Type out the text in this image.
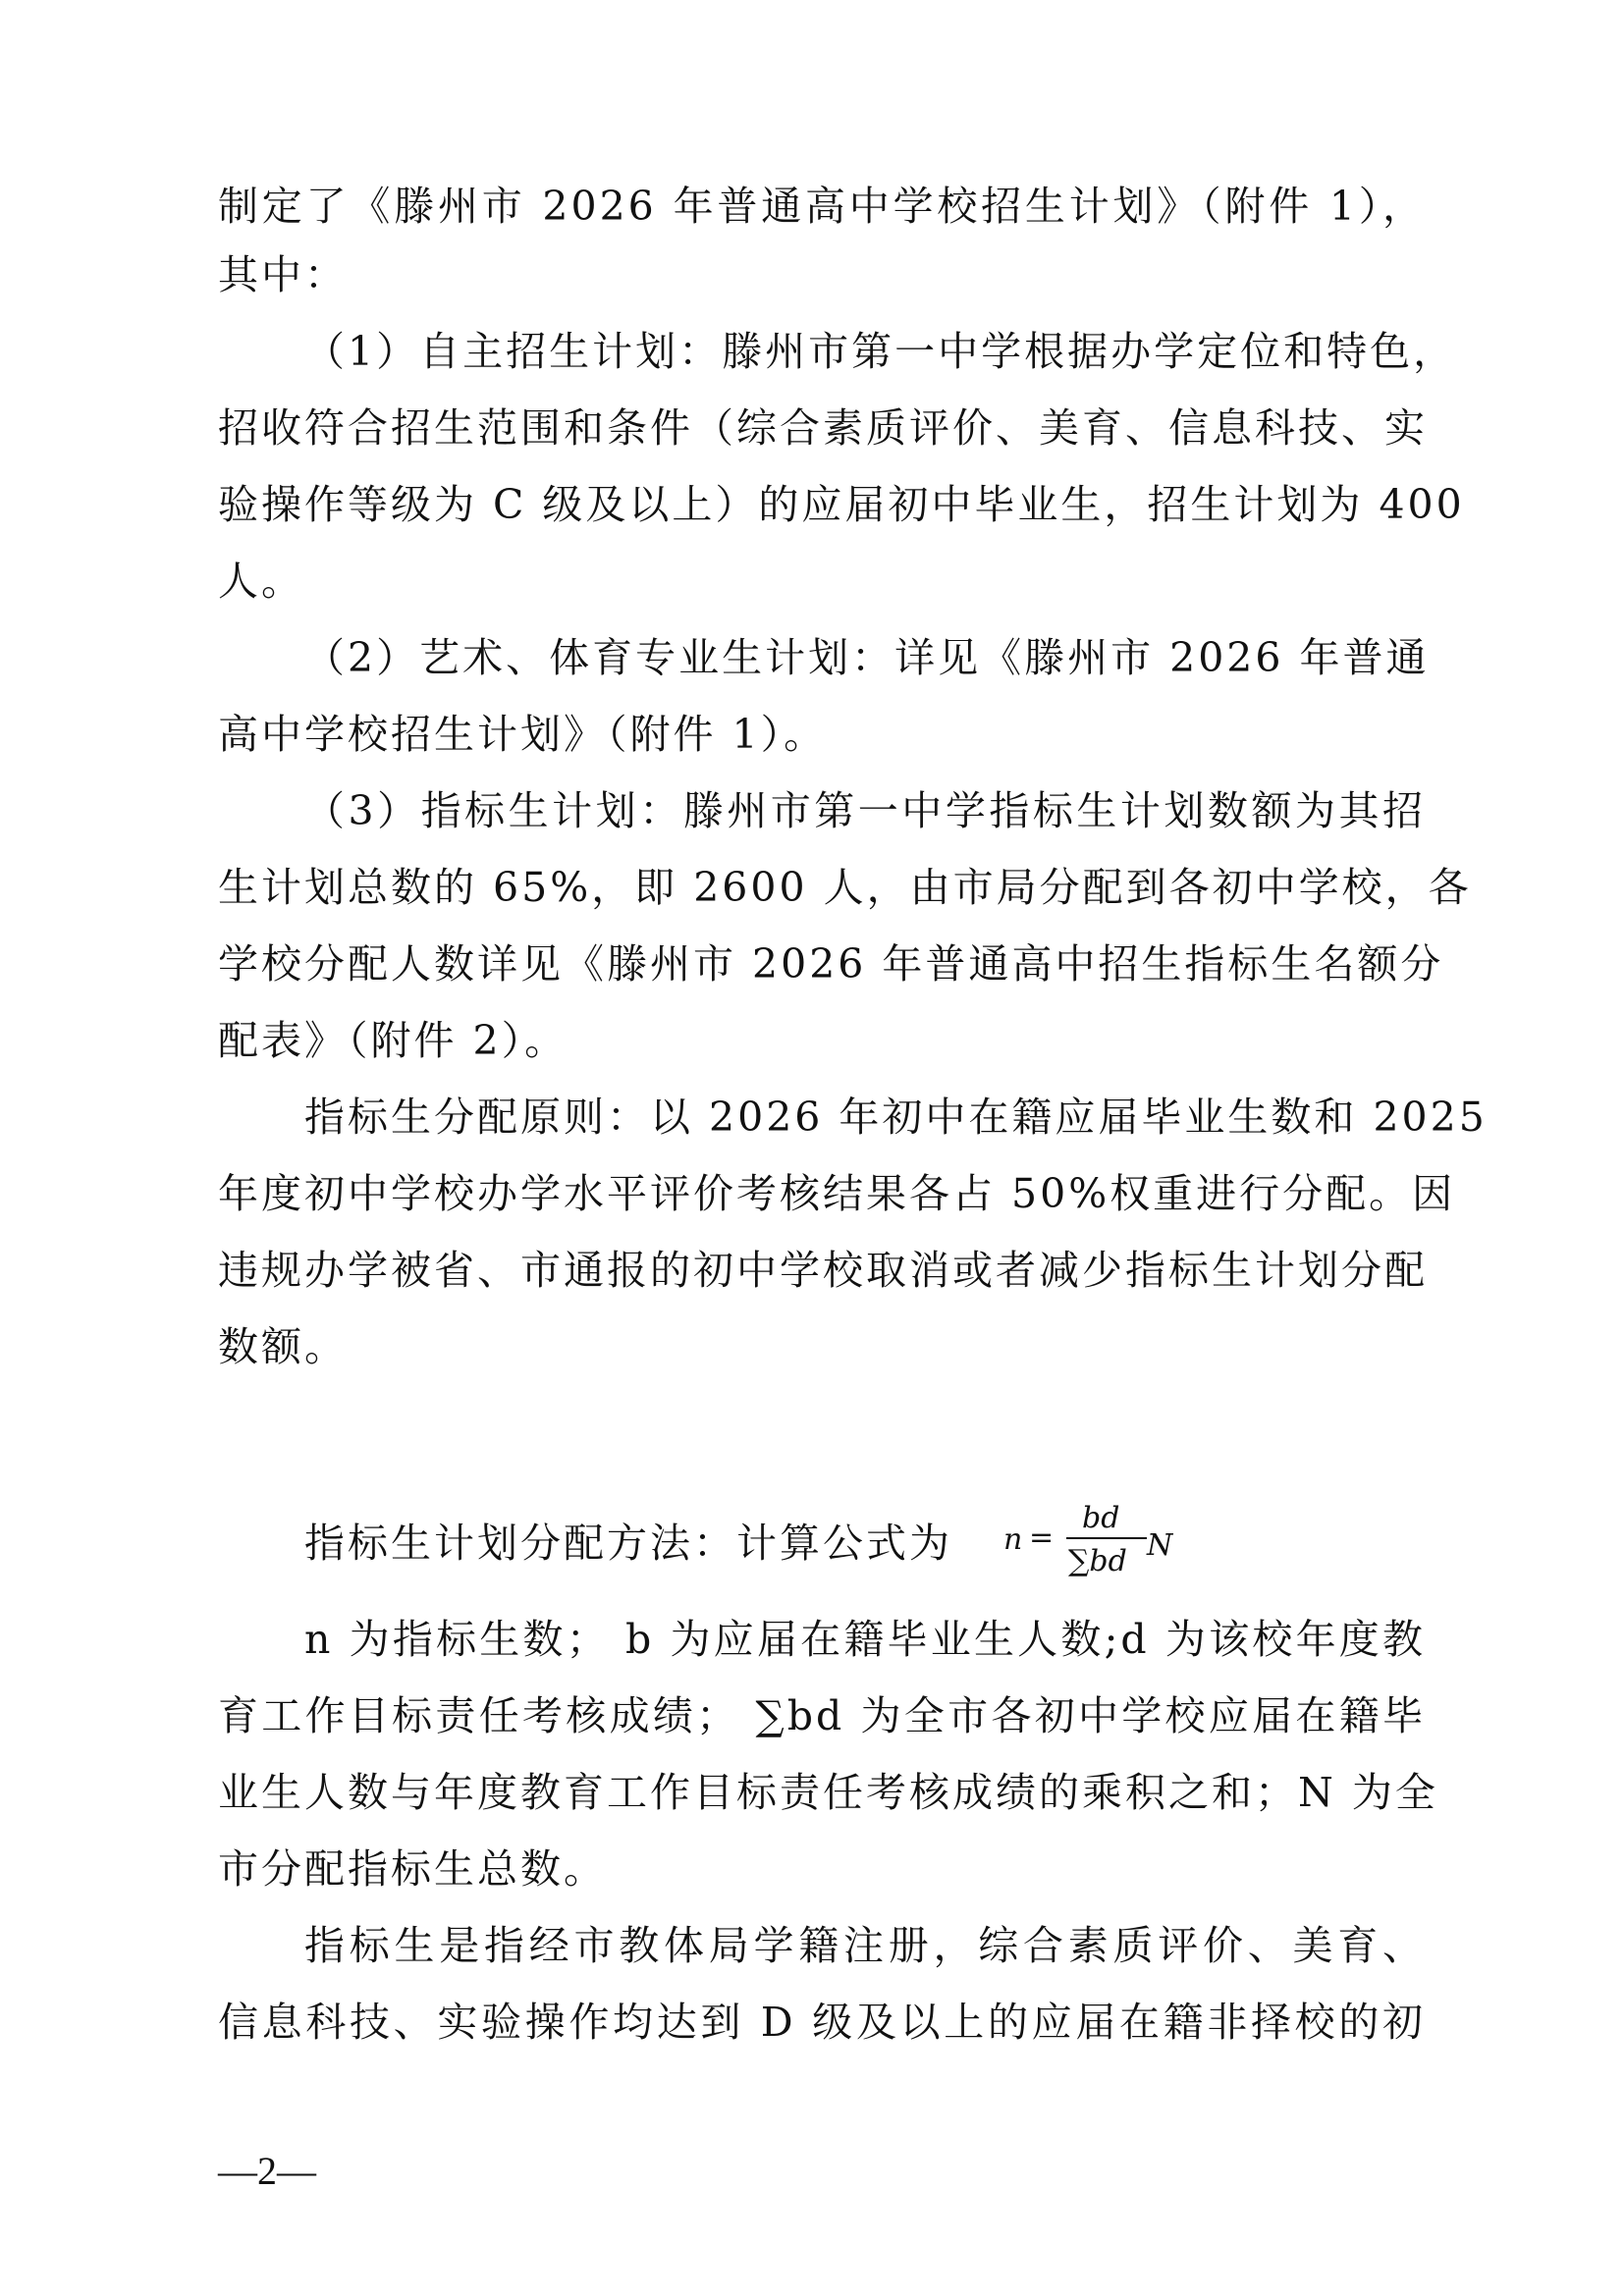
制定了《滕州市 2026 年普通高中学校招生计划》（附件 1），
其中：
（1）自主招生计划：滕州市第一中学根据办学定位和特色，
招收符合招生范围和条件（综合素质评价、美育、信息科技、实
验操作等级为 C 级及以上）的应届初中毕业生，招生计划为 400
人。
（2）艺术、体育专业生计划：详见《滕州市 2026 年普通
高中学校招生计划》（附件 1）。
（3）指标生计划：滕州市第一中学指标生计划数额为其招
生计划总数的 65%，即 2600 人，由市局分配到各初中学校，各
学校分配人数详见《滕州市 2026 年普通高中招生指标生名额分
配表》（附件 2）。
指标生分配原则：以 2026 年初中在籍应届毕业生数和 2025
年度初中学校办学水平评价考核结果各占 50%权重进行分配。因
违规办学被省、市通报的初中学校取消或者减少指标生计划分配
数额。
指标生计划分配方法：计算公式为 n =
bd
∑bd N
n 为指标生数； b 为应届在籍毕业生人数;d 为该校年度教
育工作目标责任考核成绩； ∑bd 为全市各初中学校应届在籍毕
业生人数与年度教育工作目标责任考核成绩的乘积之和；N 为全
市分配指标生总数。
指标生是指经市教体局学籍注册，综合素质评价、美育、
信息科技、实验操作均达到 D 级及以上的应届在籍非择校的初
—2—
